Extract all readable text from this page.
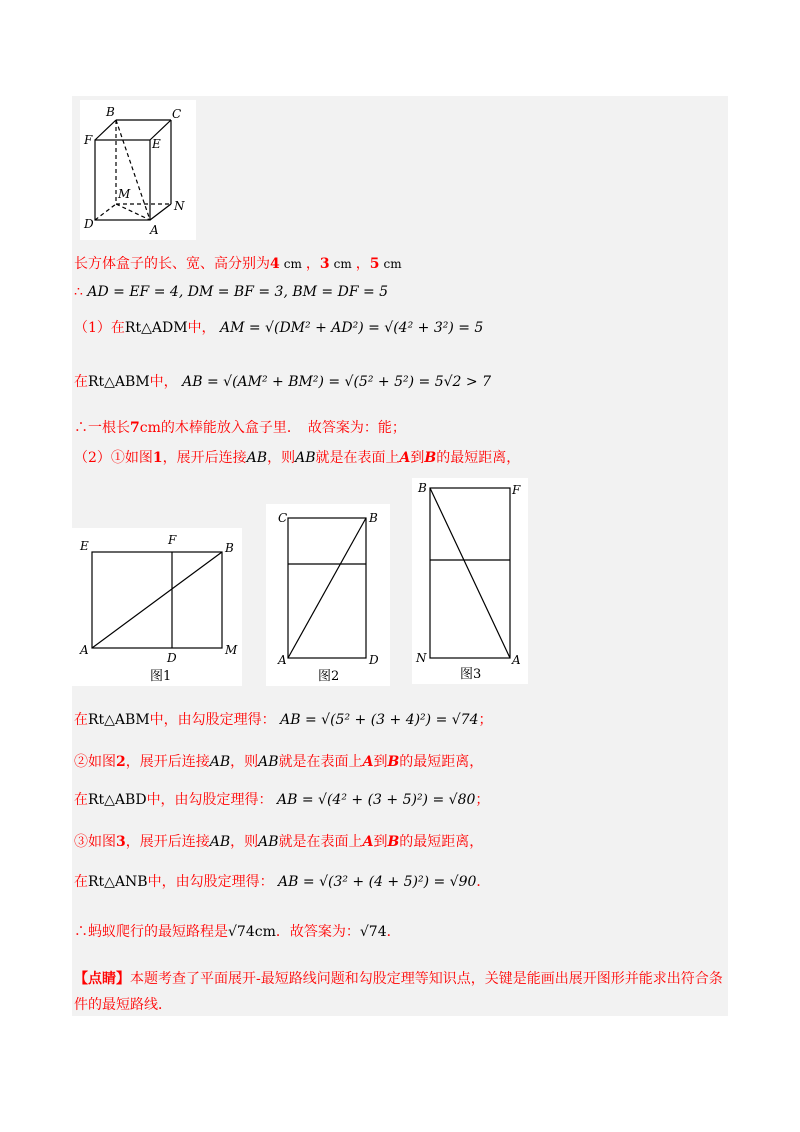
B	C
F	E
M
N
D	A
长方体盒子的长、宽、高分别为4 cm ，3 cm ，5 cm
∴ AD = EF = 4, DM = BF = 3, BM = DF = 5
（1）在Rt△ADM中， AM = √(DM² + AD²) = √(4² + 3²) = 5
在Rt△ABM中， AB = √(AM² + BM²) = √(5² + 5²) = 5√2 > 7
∴一根长7cm的木棒能放入盒子里．　故答案为：能；
（2）①如图1，展开后连接AB，则AB就是在表面上A到B的最短距离，
E	F
B
A
D
M
图1
C	B
A	D
图2
B	F
N	A
图3
在Rt△ABM中，由勾股定理得： AB = √(5² + (3 + 4)²) = √74；
②如图2，展开后连接AB，则AB就是在表面上A到B的最短距离，
在Rt△ABD中，由勾股定理得： AB = √(4² + (3 + 5)²) = √80；
③如图3，展开后连接AB，则AB就是在表面上A到B的最短距离，
在Rt△ANB中，由勾股定理得： AB = √(3² + (4 + 5)²) = √90．
∴蚂蚁爬行的最短路程是√74cm．故答案为：√74．
【点睛】本题考查了平面展开-最短路线问题和勾股定理等知识点，关键是能画出展开图形并能求出符合条件的最短路线．
